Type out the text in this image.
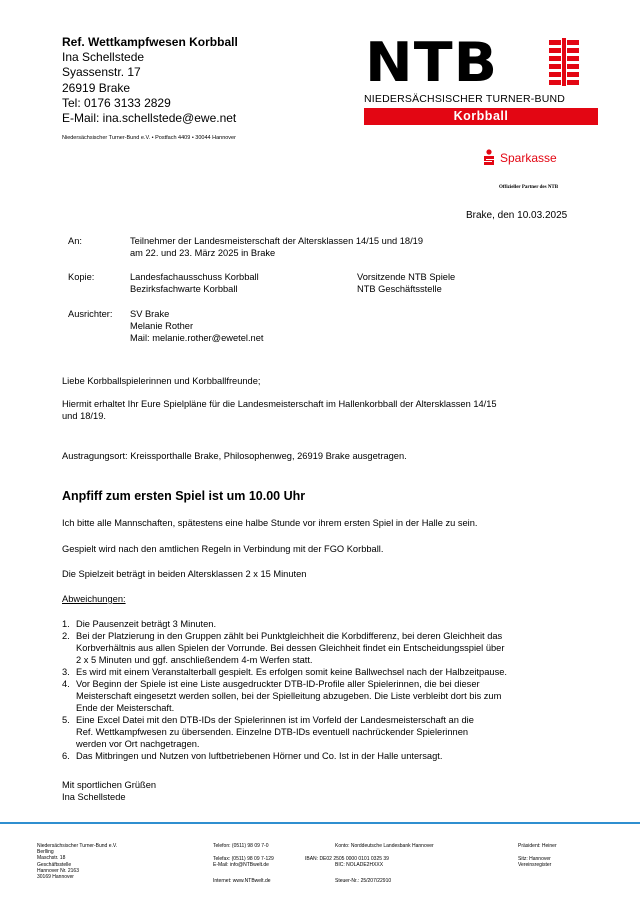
Ref. Wettkampfwesen Korbball
Ina Schellstede
Syassenstr. 17
26919 Brake
Tel: 0176 3133 2829
E-Mail: ina.schellstede@ewe.net
Niedersächsischer Turner-Bund e.V. • Postfach 4409 • 30044 Hannover
NTB
NIEDERSÄCHSISCHER TURNER-BUND
Korbball
Sparkasse
Offizieller Partner des NTB
Brake, den 10.03.2025
An:	Teilnehmer der Landesmeisterschaft der Altersklassen 14/15 und 18/19
am 22. und 23. März 2025 in Brake
Kopie:	Landesfachausschuss Korbball
Bezirksfachwarte Korbball
Vorsitzende NTB Spiele
NTB Geschäftsstelle
Ausrichter: SV Brake
Melanie Rother
Mail: melanie.rother@ewetel.net
Liebe Korbballspielerinnen und Korbballfreunde;
Hiermit erhaltet Ihr Eure Spielpläne für die Landesmeisterschaft im Hallenkorbball der Altersklassen 14/15
und 18/19.
Austragungsort: Kreissporthalle Brake, Philosophenweg, 26919 Brake ausgetragen.
Anpfiff zum ersten Spiel ist um 10.00 Uhr
Ich bitte alle Mannschaften, spätestens eine halbe Stunde vor ihrem ersten Spiel in der Halle zu sein.
Gespielt wird nach den amtlichen Regeln in Verbindung mit der FGO Korbball.
Die Spielzeit beträgt in beiden Altersklassen 2 x 15 Minuten
Abweichungen:
1. Die Pausenzeit beträgt 3 Minuten.
2. Bei der Platzierung in den Gruppen zählt bei Punktgleichheit die Korbdifferenz, bei deren Gleichheit das
Korbverhältnis aus allen Spielen der Vorrunde. Bei dessen Gleichheit findet ein Entscheidungsspiel über
2 x 5 Minuten und ggf. anschließendem 4-m Werfen statt.
3. Es wird mit einem Veranstalterball gespielt. Es erfolgen somit keine Ballwechsel nach der Halbzeitpause.
4. Vor Beginn der Spiele ist eine Liste ausgedruckter DTB-ID-Profile aller Spielerinnen, die bei dieser
Meisterschaft eingesetzt werden sollen, bei der Spielleitung abzugeben. Die Liste verbleibt dort bis zum
Ende der Meisterschaft.
5. Eine Excel Datei mit den DTB-IDs der Spielerinnen ist im Vorfeld der Landesmeisterschaft an die
Ref. Wettkampfwesen zu übersenden. Einzelne DTB-IDs eventuell nachrückender Spielerinnen
werden vor Ort nachgetragen.
6. Das Mitbringen und Nutzen von luftbetriebenen Hörner und Co. Ist in der Halle untersagt.
Mit sportlichen Grüßen
Ina Schellstede
Niedersächsischer Turner-Bund e.V.
Berlling
Maschstr. 18
Geschäftsstelle
Hannover Nr. 2163
30169 Hannover
Telefon: (0511) 98 09 7-0
Telefax: (0511) 98 09 7-129
E-Mail: info@NTBwelt.de
Internet: www.NTBwelt.de
Konto: Norddeutsche Landesbank Hannover
IBAN: DE02 2505 0000 0101 0325 39
BIC: NOLADE2HXXX
Steuer-Nr.: 25/207/22910
Präsident: Heiner
Sitz: Hannover
Vereinsregister
